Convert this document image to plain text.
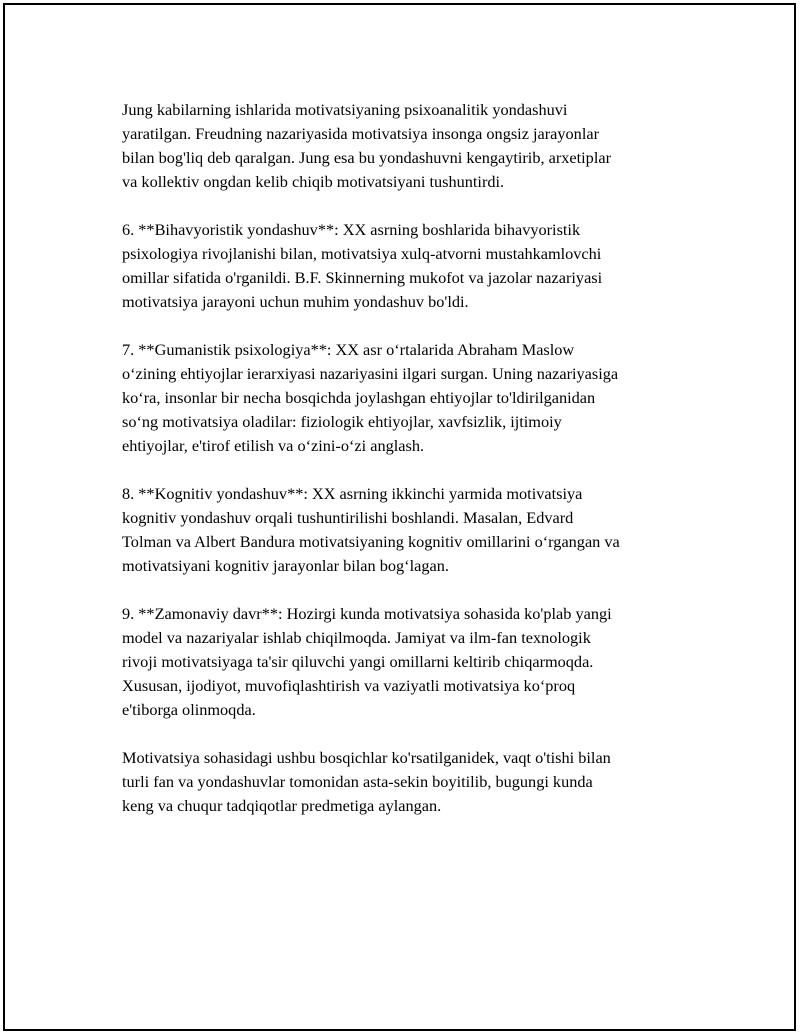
Jung kabilarning ishlarida motivatsiyaning psixoanalitik yondashuvi
yaratilgan. Freudning nazariyasida motivatsiya insonga ongsiz jarayonlar
bilan bog'liq deb qaralgan. Jung esa bu yondashuvni kengaytirib, arxetiplar
va kollektiv ongdan kelib chiqib motivatsiyani tushuntirdi.

6. **Bihavyoristik yondashuv**: XX asrning boshlarida bihavyoristik
psixologiya rivojlanishi bilan, motivatsiya xulq-atvorni mustahkamlovchi
omillar sifatida o'rganildi. B.F. Skinnerning mukofot va jazolar nazariyasi
motivatsiya jarayoni uchun muhim yondashuv bo'ldi.

7. **Gumanistik psixologiya**: XX asr o‘rtalarida Abraham Maslow
o‘zining ehtiyojlar ierarxiyasi nazariyasini ilgari surgan. Uning nazariyasiga
ko‘ra, insonlar bir necha bosqichda joylashgan ehtiyojlar to'ldirilganidan
so‘ng motivatsiya oladilar: fiziologik ehtiyojlar, xavfsizlik, ijtimoiy
ehtiyojlar, e'tirof etilish va o‘zini-o‘zi anglash.

8. **Kognitiv yondashuv**: XX asrning ikkinchi yarmida motivatsiya
kognitiv yondashuv orqali tushuntirilishi boshlandi. Masalan, Edvard
Tolman va Albert Bandura motivatsiyaning kognitiv omillarini o‘rgangan va
motivatsiyani kognitiv jarayonlar bilan bog‘lagan.

9. **Zamonaviy davr**: Hozirgi kunda motivatsiya sohasida ko'plab yangi
model va nazariyalar ishlab chiqilmoqda. Jamiyat va ilm-fan texnologik
rivoji motivatsiyaga ta'sir qiluvchi yangi omillarni keltirib chiqarmoqda.
Xususan, ijodiyot, muvofiqlashtirish va vaziyatli motivatsiya ko‘proq
e'tiborga olinmoqda.

Motivatsiya sohasidagi ushbu bosqichlar ko'rsatilganidek, vaqt o'tishi bilan
turli fan va yondashuvlar tomonidan asta-sekin boyitilib, bugungi kunda
keng va chuqur tadqiqotlar predmetiga aylangan.
